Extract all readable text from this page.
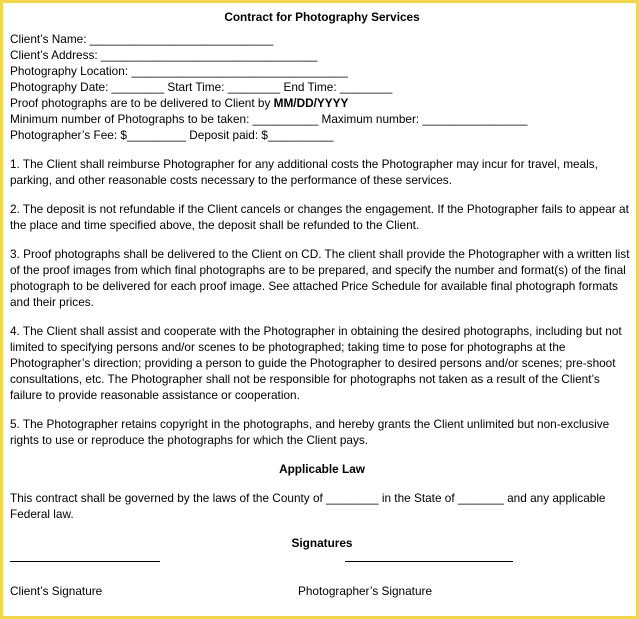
Contract for Photography Services
Client’s Name: ____________________________
Client’s Address: _________________________________
Photography Location: _________________________________
Photography Date: ________ Start Time: ________ End Time: ________
Proof photographs are to be delivered to Client by MM/DD/YYYY
Minimum number of Photographs to be taken: __________ Maximum number: ________________
Photographer’s Fee: $_________ Deposit paid: $__________

1. The Client shall reimburse Photographer for any additional costs the Photographer may incur for travel, meals, parking, and other reasonable costs necessary to the performance of these services.

2. The deposit is not refundable if the Client cancels or changes the engagement. If the Photographer fails to appear at the place and time specified above, the deposit shall be refunded to the Client.

3. Proof photographs shall be delivered to the Client on CD. The client shall provide the Photographer with a written list of the proof images from which final photographs are to be prepared, and specify the number and format(s) of the final photograph to be delivered for each proof image. See attached Price Schedule for available final photograph formats and their prices.

4. The Client shall assist and cooperate with the Photographer in obtaining the desired photographs, including but not limited to specifying persons and/or scenes to be photographed; taking time to pose for photographs at the Photographer’s direction; providing a person to guide the Photographer to desired persons and/or scenes; pre-shoot consultations, etc. The Photographer shall not be responsible for photographs not taken as a result of the Client’s failure to provide reasonable assistance or cooperation.

5. The Photographer retains copyright in the photographs, and hereby grants the Client unlimited but non-exclusive rights to use or reproduce the photographs for which the Client pays.

Applicable Law

This contract shall be governed by the laws of the County of ________ in the State of _______ and any applicable Federal law.

Signatures
Client’s Signature	Photographer’s Signature
